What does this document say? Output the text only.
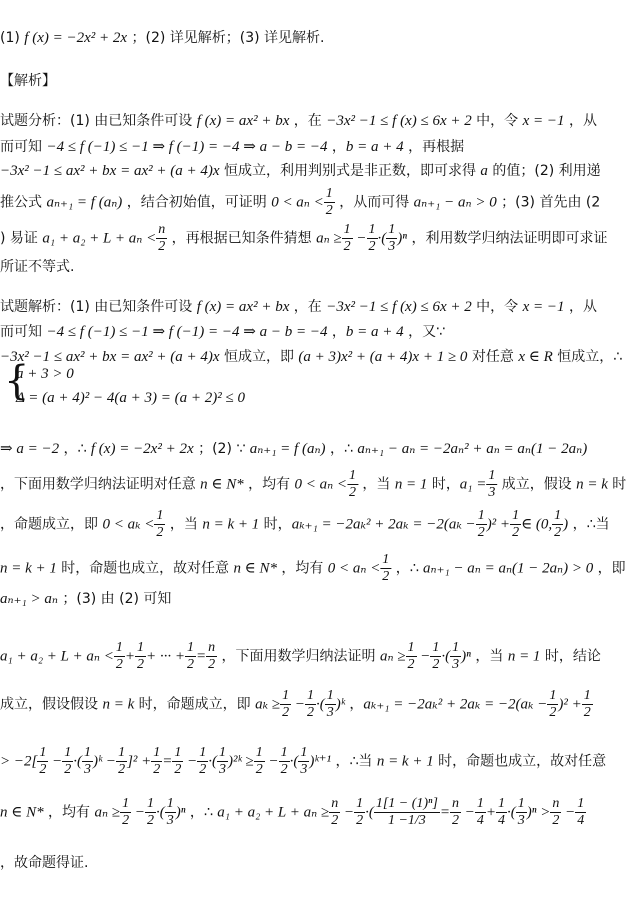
(1) f (x) = −2x² + 2x ；(2) 详见解析；(3) 详见解析.
【解析】
试题分析：(1) 由已知条件可设 f (x) = ax² + bx ，在 −3x² −1 ≤ f (x) ≤ 6x + 2 中，令 x = −1 ，从
而可知 −4 ≤ f (−1) ≤ −1 ⇒ f (−1) = −4 ⇒ a − b = −4 ，b = a + 4 ，再根据
−3x² −1 ≤ ax² + bx = ax² + (a + 4)x 恒成立，利用判别式是非正数，即可求得 a 的值；(2) 利用递
推公式 aₙ₊₁ = f (aₙ) ，结合初始值，可证明 $0 < a_n < \frac{1}{2}$ ，从而可得 aₙ₊₁ − aₙ > 0 ；(3) 首先由 (2
) 易证 $a_1 + a_2 + L + a_n < \frac{n}{2}$ ，再根据已知条件猜想 $a_n \ge \frac{1}{2} - \frac{1}{2}$ ·( $\frac{1}{3} )^n$ ，利用数学归纳法证明即可求证
所证不等式.
试题解析：(1) 由已知条件可设 f (x) = ax² + bx ，在 −3x² −1 ≤ f (x) ≤ 6x + 2 中，令 x = −1 ，从
而可知 −4 ≤ f (−1) ≤ −1 ⇒ f (−1) = −4 ⇒ a − b = −4 ，b = a + 4 ，又∵
−3x² −1 ≤ ax² + bx = ax² + (a + 4)x 恒成立，即 (a + 3)x² + (a + 4)x + 1 ≥ 0 对任意 x ∈ R 恒成立，∴
{
a + 3 > 0
Δ = (a + 4)² − 4(a + 3) = (a + 2)² ≤ 0
⇒ a = −2 ，∴ f (x) = −2x² + 2x ；(2) ∵ aₙ₊₁ = f (aₙ) ，∴ aₙ₊₁ − aₙ = −2aₙ² + aₙ = aₙ(1 − 2aₙ)
，下面用数学归纳法证明对任意 n ∈ N* ，均有 $0 < a_n < \frac{1}{2}$ ，当 n = 1 时，$a_1 = \frac{1}{3}$ 成立，假设 n = k 时
，命题成立，即 $0 < a_k < \frac{1}{2}$ ，当 n = k + 1 时，$a_{k+1} = -2a_k^2 + 2a_k = -2(a_k - \frac{1}{2} )^2 + \frac{1}{2}$ ∈ (0, $\frac{1}{2}$ ) ，∴当
n = k + 1 时，命题也成立，故对任意 n ∈ N* ，均有 $0 < a_n < \frac{1}{2}$ ，∴ aₙ₊₁ − aₙ = aₙ(1 − 2aₙ) > 0 ，即
aₙ₊₁ > aₙ ；(3) 由 (2) 可知
$a_1 + a_2 + L + a_n < \frac{1}{2} + \frac{1}{2}$ + ··· + $\frac{1}{2} = \frac{n}{2}$ ，下面用数学归纳法证明 $a_n \ge \frac{1}{2} - \frac{1}{2}$ ·( $\frac{1}{3} )^n$ ，当 n = 1 时，结论
成立，假设假设 n = k 时，命题成立，即 $a_k \ge \frac{1}{2} - \frac{1}{2}$ ·( $\frac{1}{3}$ )ᵏ ，$a_{k+1} = -2a_k^2 + 2a_k = -2(a_k - \frac{1}{2} )^2 + \frac{1}{2}$
> $-2[ \frac{1}{2} - \frac{1}{2}$ ·( $\frac{1}{3}$ )ᵏ − $\frac{1}{2} ]^2 + \frac{1}{2} = \frac{1}{2} - \frac{1}{2}$ ·( $\frac{1}{3}$ )²ᵏ ≥ $\frac{1}{2} - \frac{1}{2}$ ·( $\frac{1}{3}$ )ᵏ⁺¹ ，∴当 n = k + 1 时，命题也成立，故对任意
n ∈ N* ，均有 $a_n \ge \frac{1}{2} - \frac{1}{2}$ ·( $\frac{1}{3} )^n$ ，∴ $a_1 + a_2 + L + a_n \ge \frac{n}{2} - \frac{1}{2}$ ·( $\frac{\text{1[1 − (1)ⁿ]}}{1 -1/3} = \frac{n}{2} - \frac{1}{4} + \frac{1}{4}$ ·( $\frac{1}{3} )^n > \frac{n}{2} - \frac{1}{4}$
，故命题得证.
